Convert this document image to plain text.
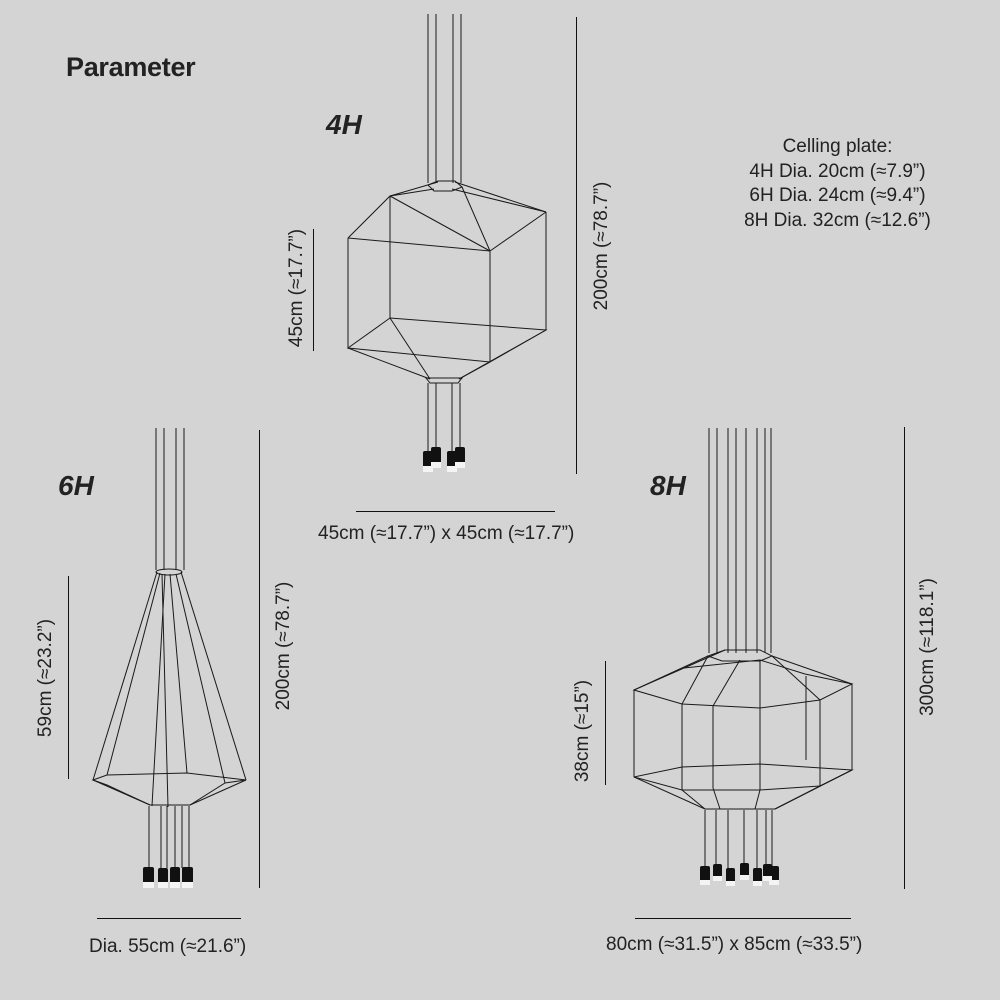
Parameter
Celling plate:
4H Dia. 20cm (≈7.9”)
6H Dia. 24cm (≈9.4”)
8H Dia. 32cm (≈12.6”)
4H
6H	8H
45cm (≈17.7”)	200cm (≈78.7”)
45cm (≈17.7”) x 45cm (≈17.7”)
59cm (≈23.2”)	200cm (≈78.7”)
Dia. 55cm (≈21.6”)
38cm (≈15”)
300cm (≈118.1”)
80cm (≈31.5”) x 85cm (≈33.5”)
